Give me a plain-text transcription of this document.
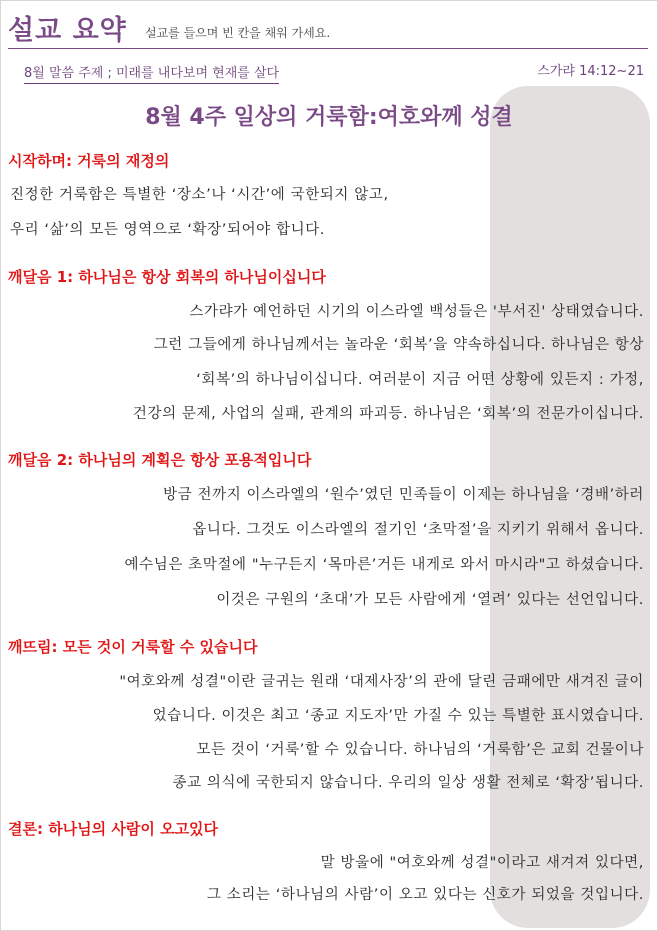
설교 요약 설교를 들으며 빈 칸을 채워 가세요.
8월 말씀 주제 ; 미래를 내다보며 현재를 살다	스가랴 14:12~21
8월 4주 일상의 거룩함:여호와께 성결
시작하며: 거룩의 재정의
진정한 거룩함은 특별한 ‘장소’나 ‘시간’에 국한되지 않고,
우리 ‘삶’의 모든 영역으로 ‘확장’되어야 합니다.
깨달음 1: 하나님은 항상 회복의 하나님이십니다
스가랴가 예언하던 시기의 이스라엘 백성들은 '부서진' 상태였습니다.
그런 그들에게 하나님께서는 놀라운 ‘회복’을 약속하십니다. 하나님은 항상
‘회복’의 하나님이십니다. 여러분이 지금 어떤 상황에 있든지 : 가정,
건강의 문제, 사업의 실패, 관계의 파괴등. 하나님은 ‘회복’의 전문가이십니다.
깨달음 2: 하나님의 계획은 항상 포용적입니다
방금 전까지 이스라엘의 ‘원수’였던 민족들이 이제는 하나님을 ‘경배’하러
옵니다. 그것도 이스라엘의 절기인 ‘초막절’을 지키기 위해서 옵니다.
예수님은 초막절에 "누구든지 ‘목마른’거든 내게로 와서 마시라"고 하셨습니다.
이것은 구원의 ‘초대’가 모든 사람에게 ‘열려’ 있다는 선언입니다.
깨뜨림: 모든 것이 거룩할 수 있습니다
"여호와께 성결"이란 글귀는 원래 ‘대제사장’의 관에 달린 금패에만 새겨진 글이
었습니다. 이것은 최고 ‘종교 지도자’만 가질 수 있는 특별한 표시였습니다.
모든 것이 ‘거룩’할 수 있습니다. 하나님의 ‘거룩함’은 교회 건물이나
종교 의식에 국한되지 않습니다. 우리의 일상 생활 전체로 ‘확장’됩니다.
결론: 하나님의 사람이 오고있다
말 방울에 "여호와께 성결"이라고 새겨져 있다면,
그 소리는 ‘하나님의 사람’이 오고 있다는 신호가 되었을 것입니다.
